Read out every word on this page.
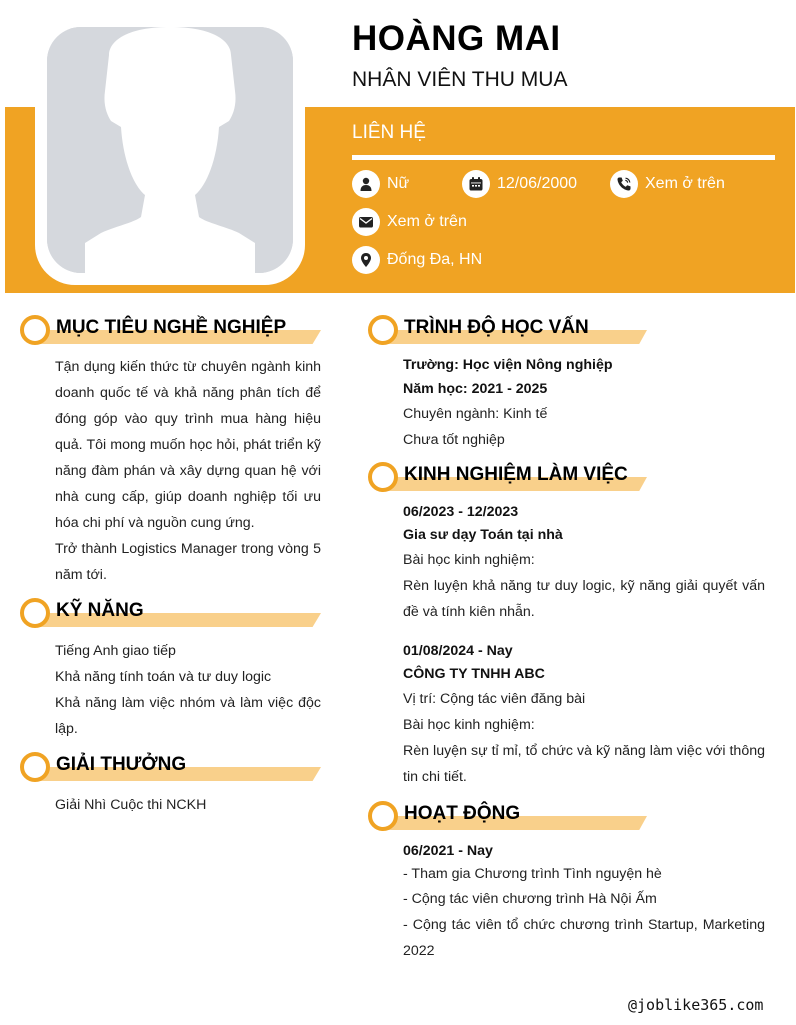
HOÀNG MAI
NHÂN VIÊN THU MUA
LIÊN HỆ
Nữ	12/06/2000	Xem ở trên
Xem ở trên
Đống Đa, HN
MỤC TIÊU NGHỀ NGHIỆP

Tận dụng kiến thức từ chuyên ngành kinh doanh quốc tế và khả năng phân tích để đóng góp vào quy trình mua hàng hiệu quả. Tôi mong muốn học hỏi, phát triển kỹ năng đàm phán và xây dựng quan hệ với nhà cung cấp, giúp doanh nghiệp tối ưu hóa chi phí và nguồn cung ứng.

Trở thành Logistics Manager trong vòng 5 năm tới.

KỸ NĂNG

Tiếng Anh giao tiếp

Khả năng tính toán và tư duy logic

Khả năng làm việc nhóm và làm việc độc lập.

GIẢI THƯỞNG

Giải Nhì Cuộc thi NCKH

TRÌNH ĐỘ HỌC VẤN

Trường: Học viện Nông nghiệp

Năm học: 2021 - 2025

Chuyên ngành: Kinh tế

Chưa tốt nghiệp

KINH NGHIỆM LÀM VIỆC

06/2023 - 12/2023

Gia sư dạy Toán tại nhà

Bài học kinh nghiệm:

Rèn luyện khả năng tư duy logic, kỹ năng giải quyết vấn đề và tính kiên nhẫn.

01/08/2024 - Nay

CÔNG TY TNHH ABC

Vị trí: Cộng tác viên đăng bài

Bài học kinh nghiệm:

Rèn luyện sự tỉ mỉ, tổ chức và kỹ năng làm việc với thông tin chi tiết.

HOẠT ĐỘNG

06/2021 - Nay

- Tham gia Chương trình Tình nguyện hè

- Cộng tác viên chương trình Hà Nội Ấm

- Cộng tác viên tổ chức chương trình Startup, Marketing 2022

@joblike365.com
